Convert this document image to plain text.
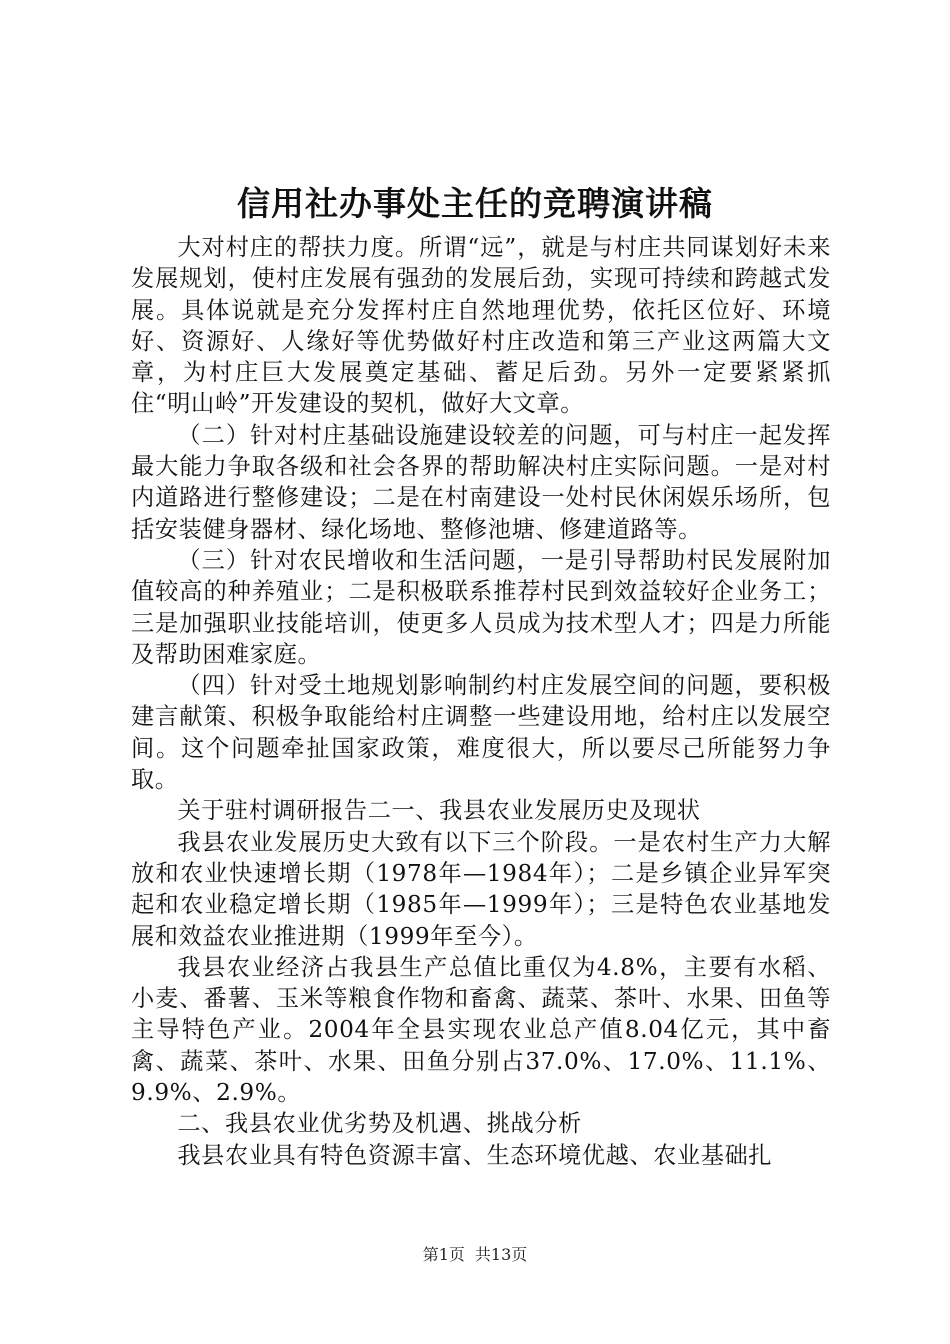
信用社办事处主任的竞聘演讲稿

大对村庄的帮扶力度。所谓“远”，就是与村庄共同谋划好未来发展规划，使村庄发展有强劲的发展后劲，实现可持续和跨越式发展。具体说就是充分发挥村庄自然地理优势，依托区位好、环境好、资源好、人缘好等优势做好村庄改造和第三产业这两篇大文章，为村庄巨大发展奠定基础、蓄足后劲。另外一定要紧紧抓住“明山岭”开发建设的契机，做好大文章。

（二）针对村庄基础设施建设较差的问题，可与村庄一起发挥最大能力争取各级和社会各界的帮助解决村庄实际问题。一是对村内道路进行整修建设；二是在村南建设一处村民休闲娱乐场所，包括安装健身器材、绿化场地、整修池塘、修建道路等。

（三）针对农民增收和生活问题，一是引导帮助村民发展附加值较高的种养殖业；二是积极联系推荐村民到效益较好企业务工；三是加强职业技能培训，使更多人员成为技术型人才；四是力所能及帮助困难家庭。

（四）针对受土地规划影响制约村庄发展空间的问题，要积极建言献策、积极争取能给村庄调整一些建设用地，给村庄以发展空间。这个问题牵扯国家政策，难度很大，所以要尽己所能努力争取。

关于驻村调研报告二一、我县农业发展历史及现状

我县农业发展历史大致有以下三个阶段。一是农村生产力大解放和农业快速增长期（1978年—1984年）；二是乡镇企业异军突起和农业稳定增长期（1985年—1999年）；三是特色农业基地发展和效益农业推进期（1999年至今）。

我县农业经济占我县生产总值比重仅为4.8%，主要有水稻、小麦、番薯、玉米等粮食作物和畜禽、蔬菜、茶叶、水果、田鱼等主导特色产业。2004年全县实现农业总产值8.04亿元，其中畜禽、蔬菜、茶叶、水果、田鱼分别占37.0%、17.0%、11.1%、9.9%、2.9%。

二、我县农业优劣势及机遇、挑战分析

我县农业具有特色资源丰富、生态环境优越、农业基础扎

第1页 共13页
